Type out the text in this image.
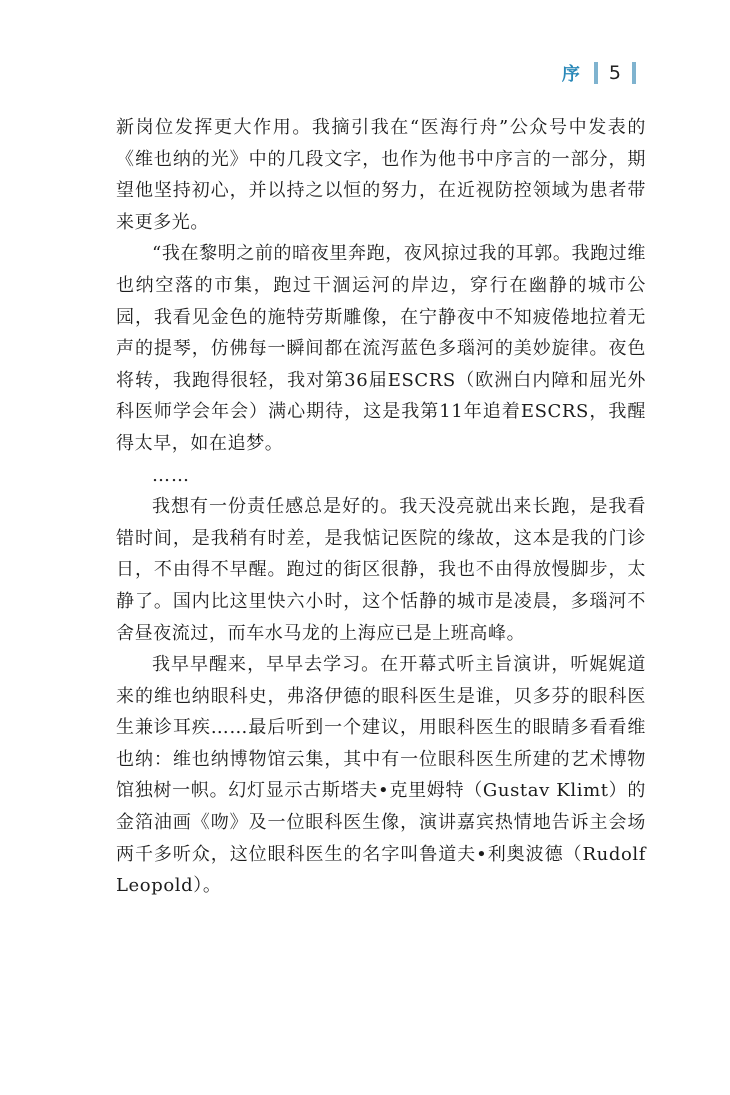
序 5

新岗位发挥更大作用。我摘引我在“医海行舟”公众号中发表的《维也纳的光》中的几段文字，也作为他书中序言的一部分，期望他坚持初心，并以持之以恒的努力，在近视防控领域为患者带来更多光。

“我在黎明之前的暗夜里奔跑，夜风掠过我的耳郭。我跑过维也纳空落的市集，跑过干涸运河的岸边，穿行在幽静的城市公园，我看见金色的施特劳斯雕像，在宁静夜中不知疲倦地拉着无声的提琴，仿佛每一瞬间都在流泻蓝色多瑙河的美妙旋律。夜色将转，我跑得很轻，我对第36届ESCRS（欧洲白内障和屈光外科医师学会年会）满心期待，这是我第11年追着ESCRS，我醒得太早，如在追梦。

……

我想有一份责任感总是好的。我天没亮就出来长跑，是我看错时间，是我稍有时差，是我惦记医院的缘故，这本是我的门诊日，不由得不早醒。跑过的街区很静，我也不由得放慢脚步，太静了。国内比这里快六小时，这个恬静的城市是凌晨，多瑙河不舍昼夜流过，而车水马龙的上海应已是上班高峰。

我早早醒来，早早去学习。在开幕式听主旨演讲，听娓娓道来的维也纳眼科史，弗洛伊德的眼科医生是谁，贝多芬的眼科医生兼诊耳疾……最后听到一个建议，用眼科医生的眼睛多看看维也纳：维也纳博物馆云集，其中有一位眼科医生所建的艺术博物馆独树一帜。幻灯显示古斯塔夫•克里姆特（Gustav Klimt）的金箔油画《吻》及一位眼科医生像，演讲嘉宾热情地告诉主会场两千多听众，这位眼科医生的名字叫鲁道夫•利奥波德（Rudolf Leopold）。
